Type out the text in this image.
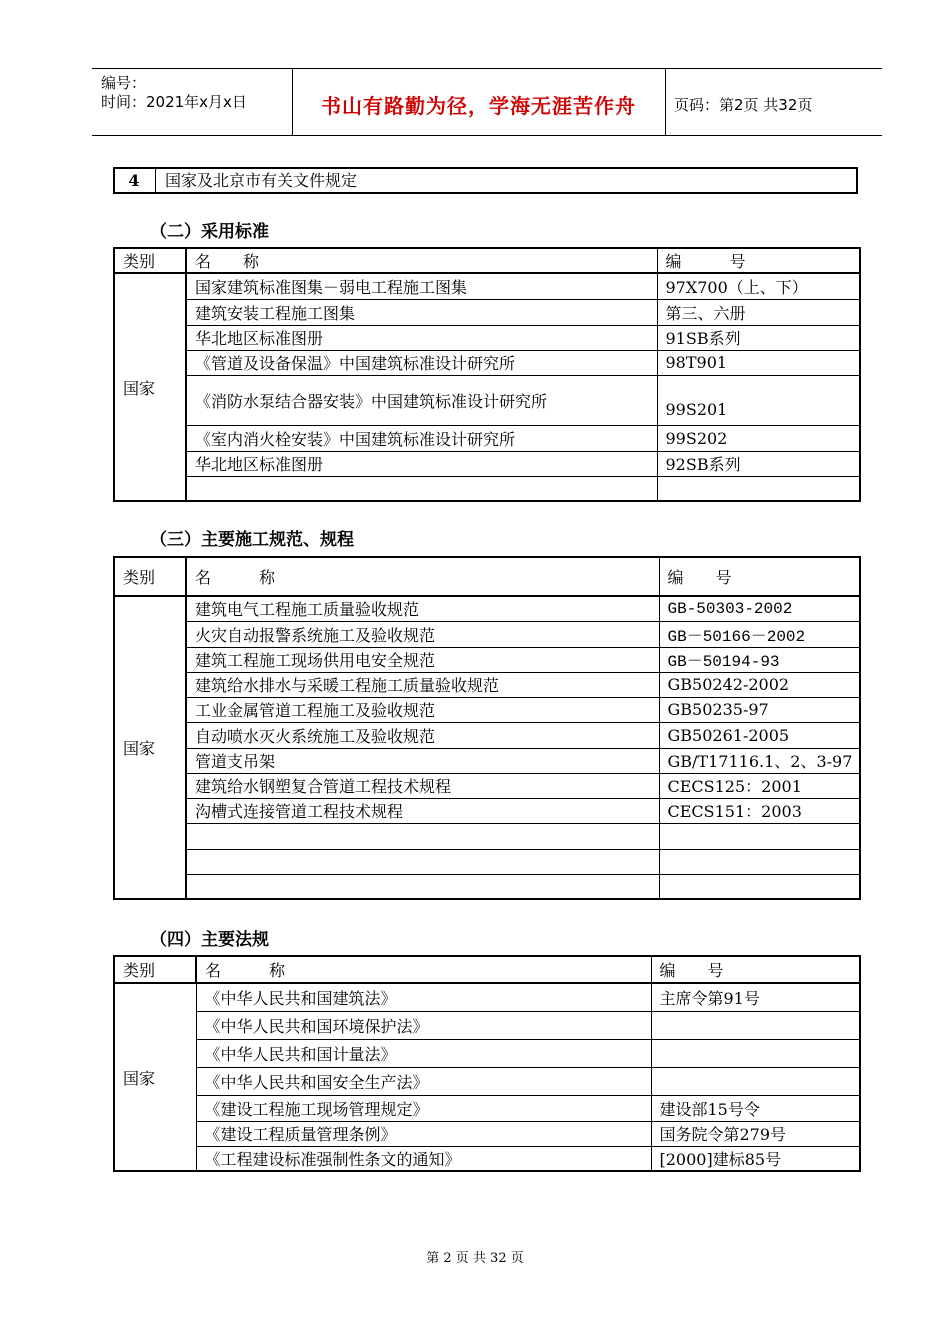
编号：
时间：2021年x月x日	书山有路勤为径，学海无涯苦作舟	页码：第2页 共32页
4	国家及北京市有关文件规定
（二）采用标准
类别	名　　称	编　　　号
国家	国家建筑标准图集－弱电工程施工图集	97X700（上、下）
	建筑安装工程施工图集	第三、六册
	华北地区标准图册	91SB系列
	《管道及设备保温》中国建筑标准设计研究所	98T901
	《消防水泵结合器安装》中国建筑标准设计研究所	99S201
	《室内消火栓安装》中国建筑标准设计研究所	99S202
	华北地区标准图册	92SB系列

（三）主要施工规范、规程
类别	名　　　称	编　　号
国家	建筑电气工程施工质量验收规范	GB-50303-2002
	火灾自动报警系统施工及验收规范	GB－50166－2002
	建筑工程施工现场供用电安全规范	GB－50194-93
	建筑给水排水与采暖工程施工质量验收规范	GB50242-2002
	工业金属管道工程施工及验收规范	GB50235-97
	自动喷水灭火系统施工及验收规范	GB50261-2005
	管道支吊架	GB/T17116.1、2、3-97
	建筑给水钢塑复合管道工程技术规程	CECS125：2001
	沟槽式连接管道工程技术规程	CECS151：2003

（四）主要法规
类别	名　　　称	编　　号
国家	《中华人民共和国建筑法》	主席令第91号
	《中华人民共和国环境保护法》	
	《中华人民共和国计量法》	
	《中华人民共和国安全生产法》	
	《建设工程施工现场管理规定》	建设部15号令
	《建设工程质量管理条例》	国务院令第279号
	《工程建设标准强制性条文的通知》	[2000]建标85号
第 2 页 共 32 页
